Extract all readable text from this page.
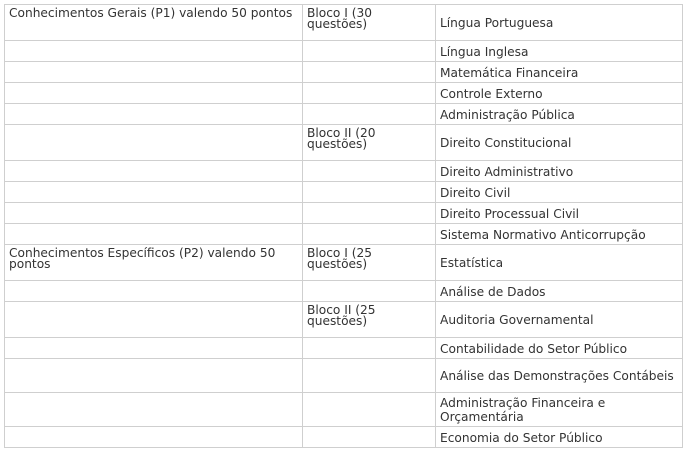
Conhecimentos Gerais (P1) valendo 50 pontos	Bloco I (30 questões)	Língua Portuguesa
		Língua Inglesa
		Matemática Financeira
		Controle Externo
		Administração Pública
	Bloco II (20 questões)	Direito Constitucional
		Direito Administrativo
		Direito Civil
		Direito Processual Civil
		Sistema Normativo Anticorrupção
Conhecimentos Específicos (P2) valendo 50 pontos	Bloco I (25 questões)	Estatística
		Análise de Dados
	Bloco II (25 questões)	Auditoria Governamental
		Contabilidade do Setor Público
		Análise das Demonstrações Contábeis
		Administração Financeira e Orçamentária
		Economia do Setor Público
